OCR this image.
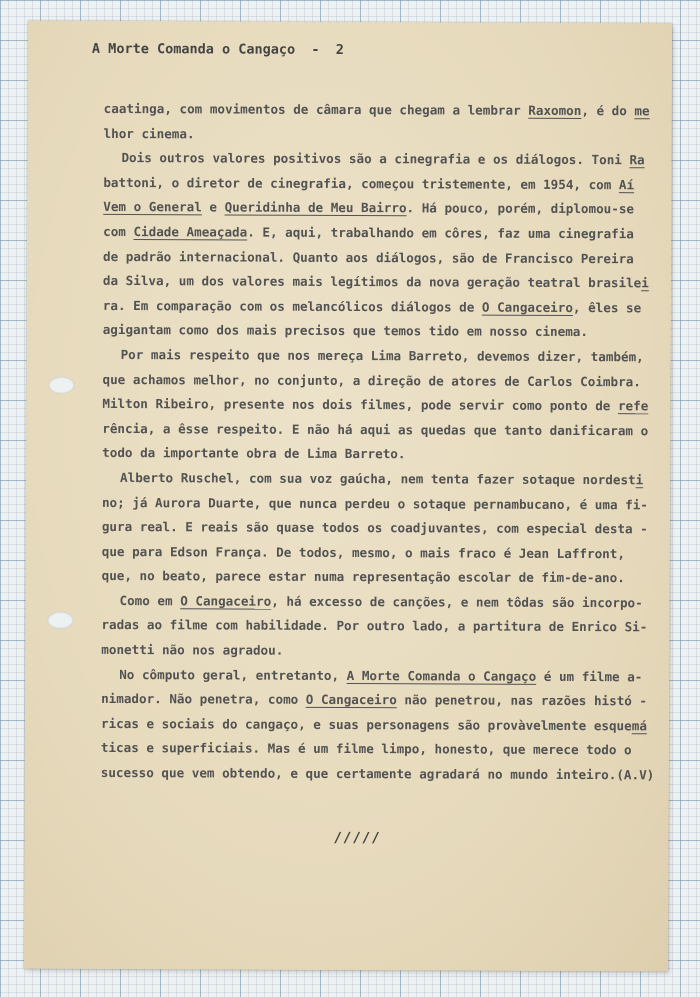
A Morte Comanda o Cangaço  -  2
caatinga, com movimentos de câmara que chegam a lembrar Raxomon, é do me
lhor cinema.
Dois outros valores positivos são a cinegrafia e os diálogos. Toni Ra
battoni, o diretor de cinegrafia, começou tristemente, em 1954, com Aí
Vem o General e Queridinha de Meu Bairro. Há pouco, porém, diplomou-se
com Cidade Ameaçada. E, aqui, trabalhando em côres, faz uma cinegrafia
de padrão internacional. Quanto aos diálogos, são de Francisco Pereira
da Silva, um dos valores mais legítimos da nova geração teatral brasilei
ra. Em comparação com os melancólicos diálogos de O Cangaceiro, êles se
agigantam como dos mais precisos que temos tido em nosso cinema.
Por mais respeito que nos mereça Lima Barreto, devemos dizer, também,
que achamos melhor, no conjunto, a direção de atores de Carlos Coimbra.
Milton Ribeiro, presente nos dois filmes, pode servir como ponto de refe
rência, a êsse respeito. E não há aqui as quedas que tanto danificaram o
todo da importante obra de Lima Barreto.
Alberto Ruschel, com sua voz gaúcha, nem tenta fazer sotaque nordesti
no; já Aurora Duarte, que nunca perdeu o sotaque pernambucano, é uma fi-
gura real. E reais são quase todos os coadjuvantes, com especial desta -
que para Edson França. De todos, mesmo, o mais fraco é Jean Laffront,
que, no beato, parece estar numa representação escolar de fim-de-ano.
Como em O Cangaceiro, há excesso de canções, e nem tôdas são incorpo-
radas ao filme com habilidade. Por outro lado, a partitura de Enrico Si-
monetti não nos agradou.
No cômputo geral, entretanto, A Morte Comanda o Cangaço é um filme a-
nimador. Não penetra, como O Cangaceiro não penetrou, nas razões histó -
ricas e sociais do cangaço, e suas personagens são provàvelmente esquemá
ticas e superficiais. Mas é um filme limpo, honesto, que merece todo o
sucesso que vem obtendo, e que certamente agradará no mundo inteiro.(A.V)
/////
